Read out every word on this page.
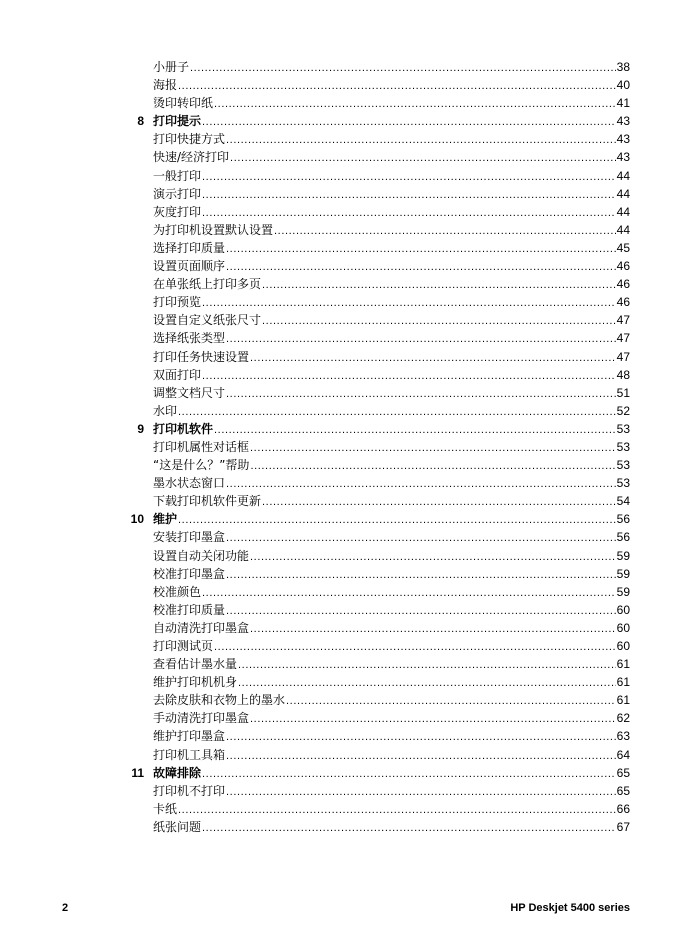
小册子 .....	38
海报 .....	40
烫印转印纸 .....	41
8 打印提示 .....	43
打印快捷方式 .....	43
快速/经济打印 .....	43
一般打印 .....	44
演示打印 .....	44
灰度打印 .....	44
为打印机设置默认设置 .....	44
选择打印质量 .....	45
设置页面顺序 .....	46
在单张纸上打印多页 .....	46
打印预览 .....	46
设置自定义纸张尺寸 .....	47
选择纸张类型 .....	47
打印任务快速设置 .....	47
双面打印 .....	48
调整文档尺寸 .....	51
水印 .....	52
9 打印机软件 .....	53
打印机属性对话框 .....	53
“这是什么？”帮助 .....	53
墨水状态窗口 .....	53
下载打印机软件更新 .....	54
10 维护 .....	56
安装打印墨盒 .....	56
设置自动关闭功能 .....	59
校准打印墨盒 .....	59
校准颜色 .....	59
校准打印质量 .....	60
自动清洗打印墨盒 .....	60
打印测试页 .....	60
查看估计墨水量 .....	61
维护打印机机身 .....	61
去除皮肤和衣物上的墨水 .....	61
手动清洗打印墨盒 .....	62
维护打印墨盒 .....	63
打印机工具箱 .....	64
11 故障排除 .....	65
打印机不打印 .....	65
卡纸 .....	66
纸张问题 .....	67
2	HP Deskjet 5400 series
